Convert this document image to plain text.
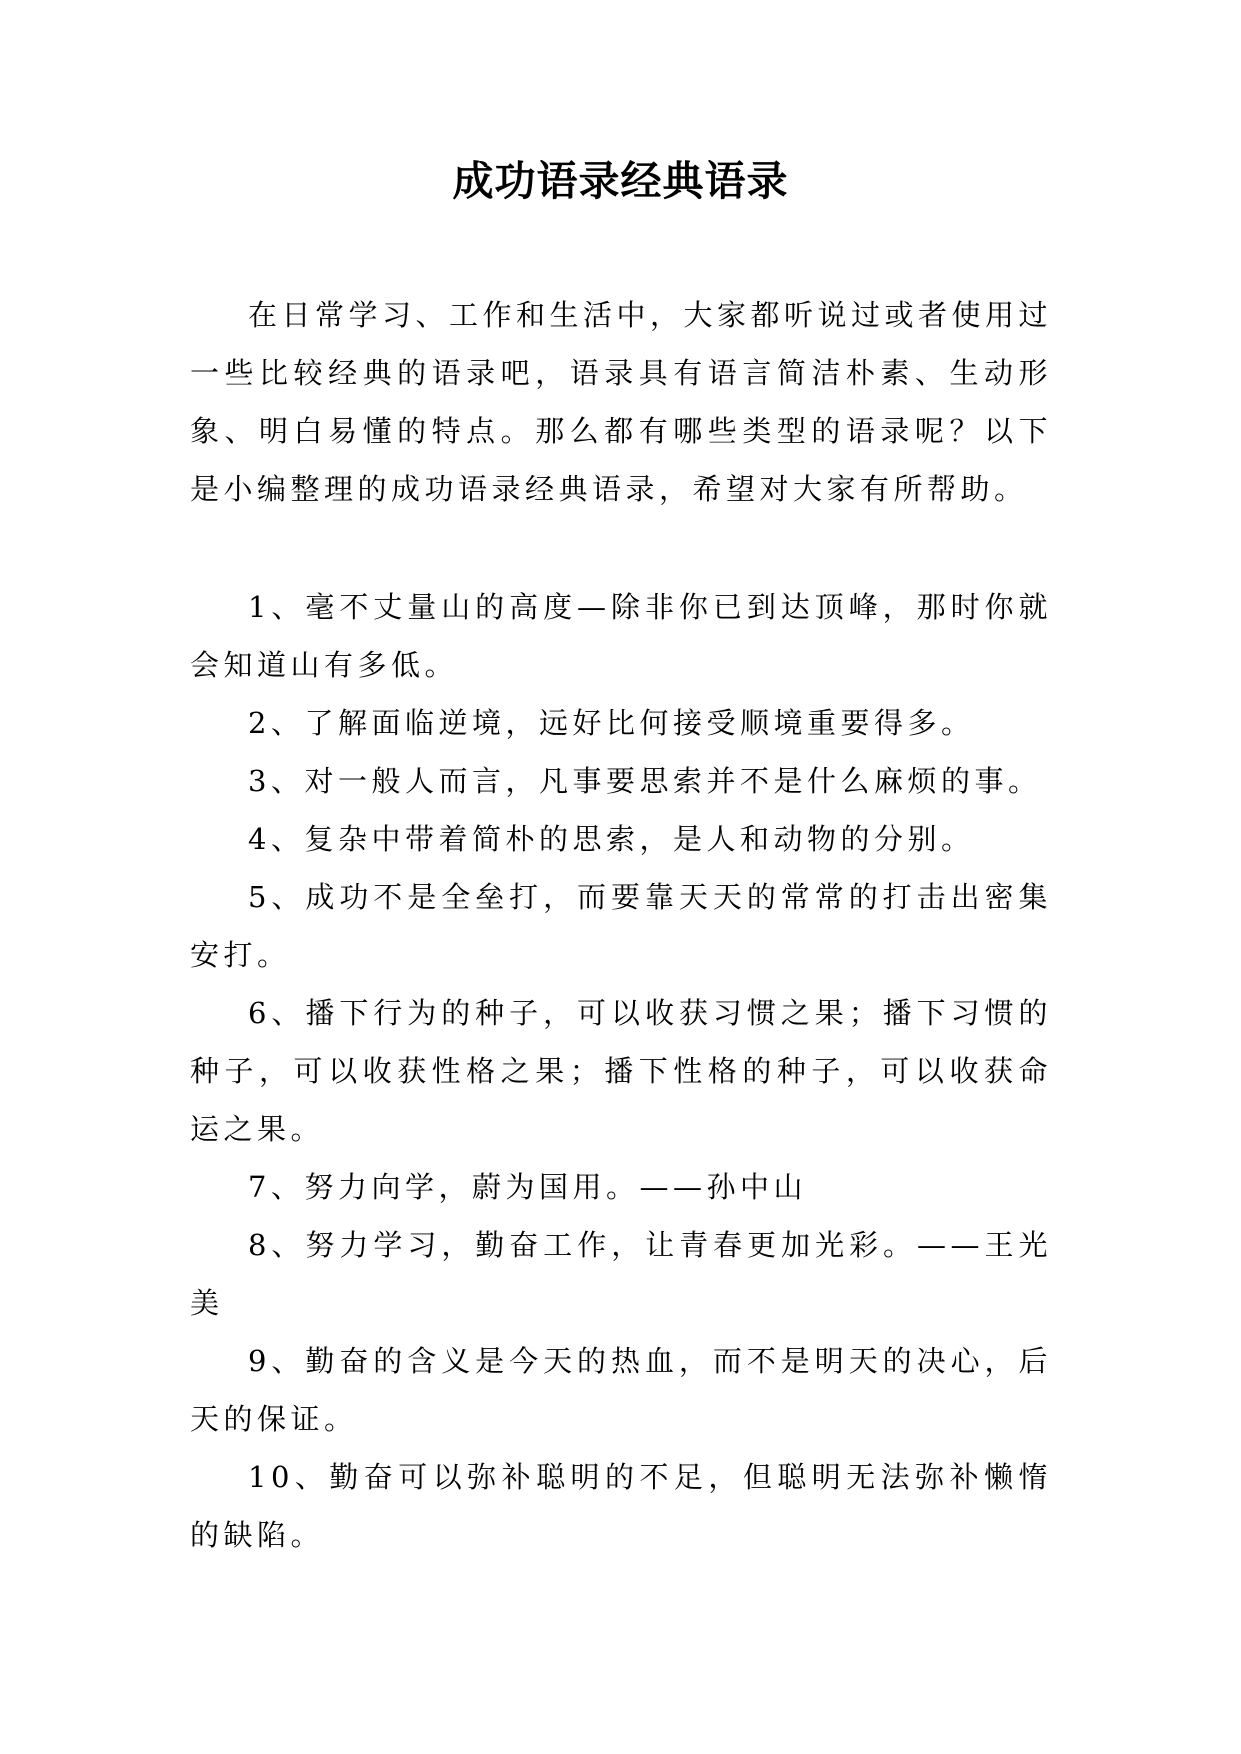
成功语录经典语录

在日常学习、工作和生活中，大家都听说过或者使用过一些比较经典的语录吧，语录具有语言简洁朴素、生动形象、明白易懂的特点。那么都有哪些类型的语录呢？以下是小编整理的成功语录经典语录，希望对大家有所帮助。

1、毫不丈量山的高度—除非你已到达顶峰，那时你就会知道山有多低。

2、了解面临逆境，远好比何接受顺境重要得多。

3、对一般人而言，凡事要思索并不是什么麻烦的事。

4、复杂中带着简朴的思索，是人和动物的分别。

5、成功不是全垒打，而要靠天天的常常的打击出密集安打。

6、播下行为的种子，可以收获习惯之果；播下习惯的种子，可以收获性格之果；播下性格的种子，可以收获命运之果。

7、努力向学，蔚为国用。——孙中山

8、努力学习，勤奋工作，让青春更加光彩。——王光美

9、勤奋的含义是今天的热血，而不是明天的决心，后天的保证。

10、勤奋可以弥补聪明的不足，但聪明无法弥补懒惰的缺陷。
